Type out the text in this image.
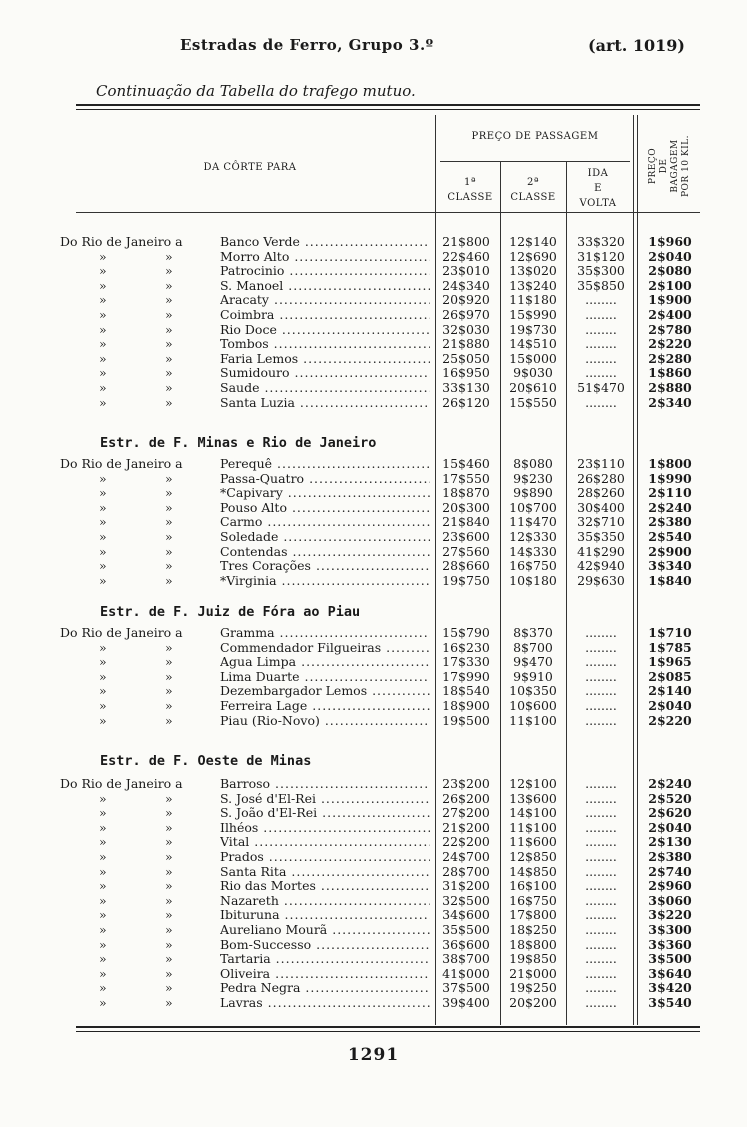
Estradas de Ferro, Grupo 3.º	(art. 1019)
Continuação da Tabella do trafego mutuo.
DA CÔRTE PARA
PREÇO DE PASSAGEM
1ª
CLASSE
2ª
CLASSE
IDA
E
VOLTA
PREÇO DE BAGAGEM POR 10 KIL.
Do Rio de Janeiro a	Banco Verde .....	21$800	12$140	33$320	1$960
»	»	Morro Alto .....	22$460	12$690	31$120	2$040
»	»	Patrocinio .....	23$010	13$020	35$300	2$080
»	»	S. Manoel .....	24$340	13$240	35$850	2$100
»	»	Aracaty .....	20$920	11$180	........	1$900
»	»	Coimbra .....	26$970	15$990	........	2$400
»	»	Rio Doce .....	32$030	19$730	........	2$780
»	»	Tombos .....	21$880	14$510	........	2$220
»	»	Faria Lemos .....	25$050	15$000	........	2$280
»	»	Sumidouro .....	16$950	9$030	........	1$860
»	»	Saude .....	33$130	20$610	51$470	2$880
»	»	Santa Luzia .....	26$120	15$550	........	2$340
Estr. de F. Minas e Rio de Janeiro
Do Rio de Janeiro a	Perequê .....	15$460	8$080	23$110	1$800
»	»	Passa-Quatro .....	17$550	9$230	26$280	1$990
»	»	*Capivary .....	18$870	9$890	28$260	2$110
»	»	Pouso Alto .....	20$300	10$700	30$400	2$240
»	»	Carmo .....	21$840	11$470	32$710	2$380
»	»	Soledade .....	23$600	12$330	35$350	2$540
»	»	Contendas .....	27$560	14$330	41$290	2$900
»	»	Tres Corações .....	28$660	16$750	42$940	3$340
»	»	*Virginia .....	19$750	10$180	29$630	1$840
Estr. de F. Juiz de Fóra ao Piau
Do Rio de Janeiro a	Gramma .....	15$790	8$370	........	1$710
»	»	Commendador Filgueiras .....	16$230	8$700	........	1$785
»	»	Agua Limpa .....	17$330	9$470	........	1$965
»	»	Lima Duarte .....	17$990	9$910	........	2$085
»	»	Dezembargador Lemos .....	18$540	10$350	........	2$140
»	»	Ferreira Lage .....	18$900	10$600	........	2$040
»	»	Piau (Rio-Novo) .....	19$500	11$100	........	2$220
Estr. de F. Oeste de Minas
Do Rio de Janeiro a	Barroso .....	23$200	12$100	........	2$240
»	»	S. José d'El-Rei .....	26$200	13$600	........	2$520
»	»	S. João d'El-Rei .....	27$200	14$100	........	2$620
»	»	Ilhéos .....	21$200	11$100	........	2$040
»	»	Vital .....	22$200	11$600	........	2$130
»	»	Prados .....	24$700	12$850	........	2$380
»	»	Santa Rita .....	28$700	14$850	........	2$740
»	»	Rio das Mortes .....	31$200	16$100	........	2$960
»	»	Nazareth .....	32$500	16$750	........	3$060
»	»	Ibituruna .....	34$600	17$800	........	3$220
»	»	Aureliano Mourã .....	35$500	18$250	........	3$300
»	»	Bom-Successo .....	36$600	18$800	........	3$360
»	»	Tartaria .....	38$700	19$850	........	3$500
»	»	Oliveira .....	41$000	21$000	........	3$640
»	»	Pedra Negra .....	37$500	19$250	........	3$420
»	»	Lavras .....	39$400	20$200	........	3$540
1291
